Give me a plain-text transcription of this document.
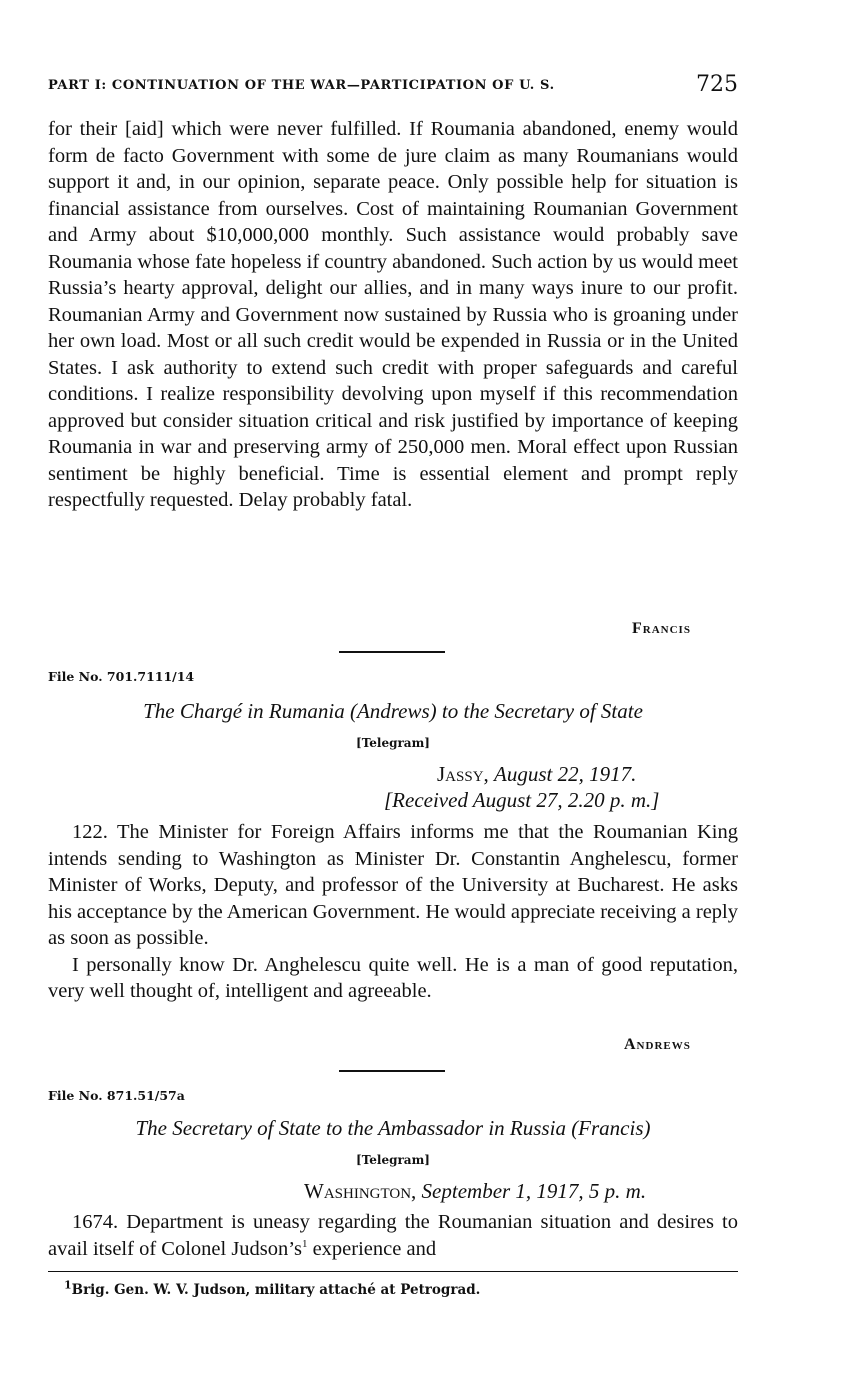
PART I: CONTINUATION OF THE WAR—PARTICIPATION OF U. S.	725

for their [aid] which were never fulfilled. If Roumania abandoned, enemy would form de facto Government with some de jure claim as many Roumanians would support it and, in our opinion, separate peace. Only possible help for situation is financial assistance from ourselves. Cost of maintaining Roumanian Government and Army about $10,000,000 monthly. Such assistance would probably save Roumania whose fate hopeless if country abandoned. Such action by us would meet Russia’s hearty approval, delight our allies, and in many ways inure to our profit. Roumanian Army and Government now sustained by Russia who is groaning under her own load. Most or all such credit would be expended in Russia or in the United States. I ask authority to extend such credit with proper safeguards and careful conditions. I realize responsibility devolving upon myself if this recommendation approved but consider situation critical and risk justified by importance of keeping Roumania in war and preserving army of 250,000 men. Moral effect upon Russian sentiment be highly beneficial. Time is essential element and prompt reply respectfully requested. Delay probably fatal.

Francis
File No. 701.7111/14
The Chargé in Rumania (Andrews) to the Secretary of State
[Telegram]
Jassy, August 22, 1917.
[Received August 27, 2.20 p. m.]

122. The Minister for Foreign Affairs informs me that the Roumanian King intends sending to Washington as Minister Dr. Constantin Anghelescu, former Minister of Works, Deputy, and professor of the University at Bucharest. He asks his acceptance by the American Government. He would appreciate receiving a reply as soon as possible.

I personally know Dr. Anghelescu quite well. He is a man of good reputation, very well thought of, intelligent and agreeable.

Andrews
File No. 871.51/57a
The Secretary of State to the Ambassador in Russia (Francis)
[Telegram]
Washington, September 1, 1917, 5 p. m.

1674. Department is uneasy regarding the Roumanian situation and desires to avail itself of Colonel $Judson’s^1$ experience and

$^1$Brig. Gen. W. V. Judson, military attaché at Petrograd.
